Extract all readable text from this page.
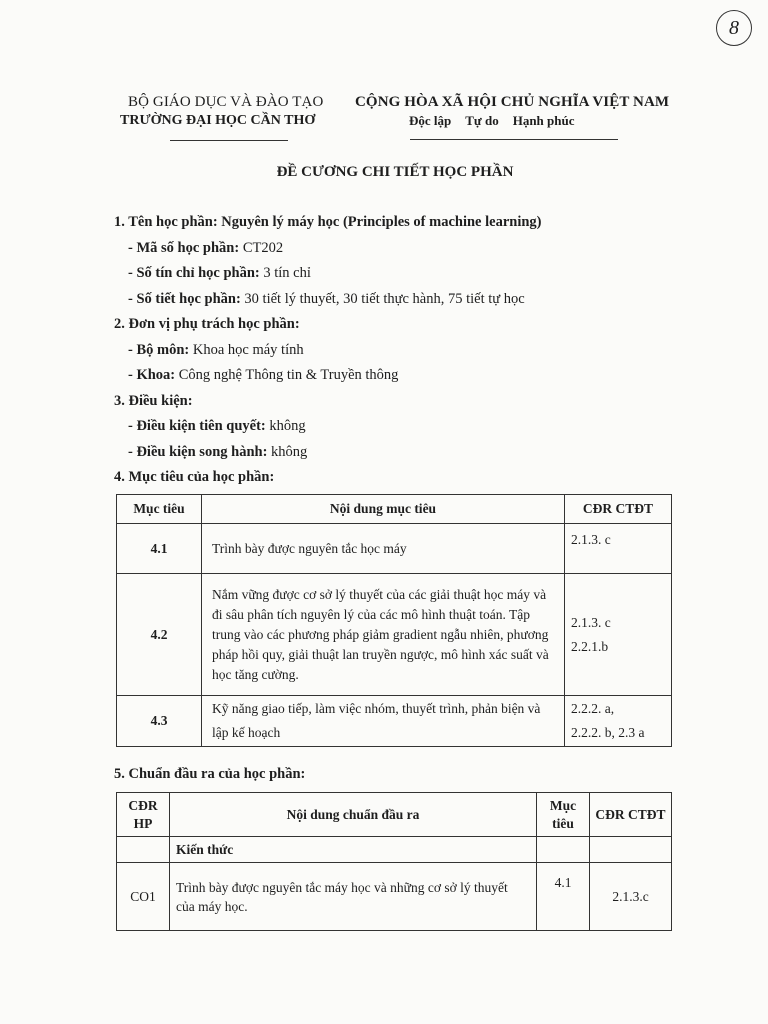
8
BỘ GIÁO DỤC VÀ ĐÀO TẠO
TRƯỜNG ĐẠI HỌC CẦN THƠ
CỘNG HÒA XÃ HỘI CHỦ NGHĨA VIỆT NAM
Độc lập Tự do Hạnh phúc
ĐỀ CƯƠNG CHI TIẾT HỌC PHẦN
1. Tên học phần: Nguyên lý máy học (Principles of machine learning)
- Mã số học phần: CT202
- Số tín chỉ học phần: 3 tín chỉ
- Số tiết học phần: 30 tiết lý thuyết, 30 tiết thực hành, 75 tiết tự học
2. Đơn vị phụ trách học phần:
- Bộ môn: Khoa học máy tính
- Khoa: Công nghệ Thông tin & Truyền thông
3. Điều kiện:
- Điều kiện tiên quyết: không
- Điều kiện song hành: không
4. Mục tiêu của học phần:
Mục tiêu	Nội dung mục tiêu	CĐR CTĐT
4.1	Trình bày được nguyên tắc học máy	2.1.3. c

4.2	Nắm vững được cơ sở lý thuyết của các giải thuật học máy và đi sâu phân tích nguyên lý của các mô hình thuật toán. Tập trung vào các phương pháp giảm gradient ngẫu nhiên, phương pháp hồi quy, giải thuật lan truyền ngược, mô hình xác suất và học tăng cường.	2.1.3. c
2.2.1.b

4.3	Kỹ năng giao tiếp, làm việc nhóm, thuyết trình, phản biện và lập kế hoạch	2.2.2. a,
2.2.2. b, 2.3 a
5. Chuẩn đầu ra của học phần:
CĐR HP	Nội dung chuẩn đầu ra	Mục tiêu	CĐR CTĐT
	Kiến thức		
CO1	Trình bày được nguyên tắc máy học và những cơ sở lý thuyết của máy học.	4.1	2.1.3.c
